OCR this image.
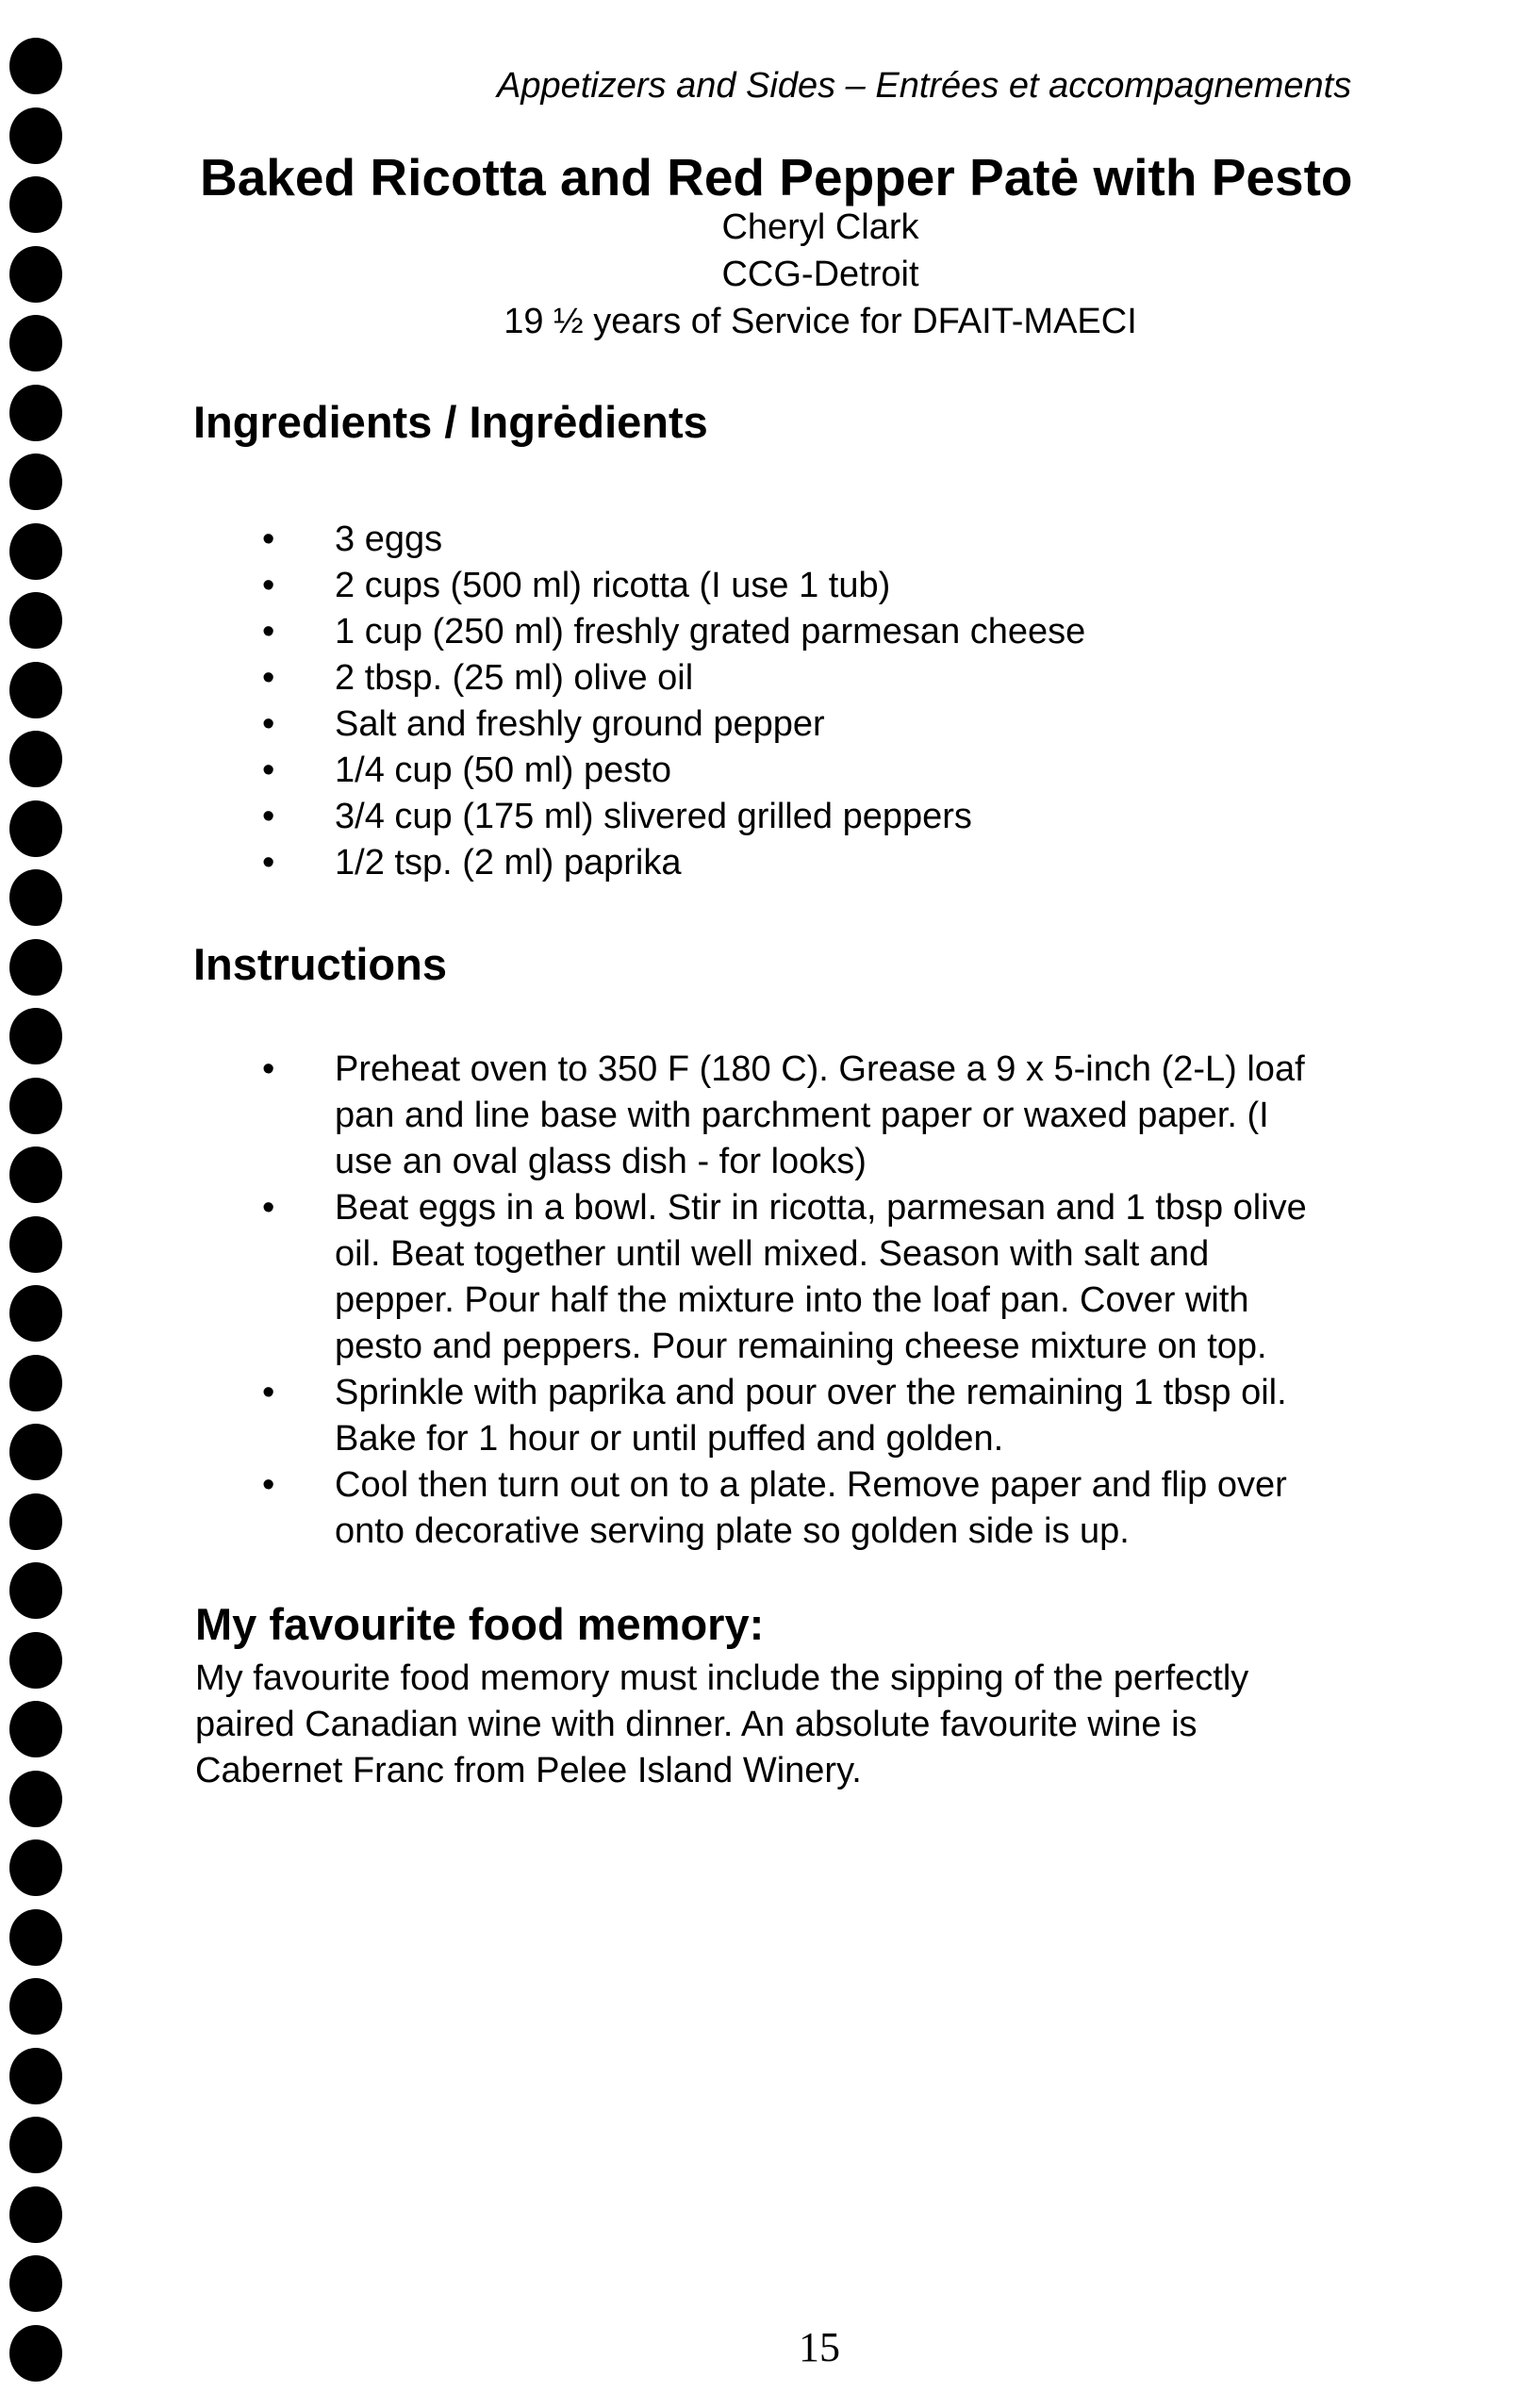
Appetizers and Sides – Entrées et accompagnements
Baked Ricotta and Red Pepper Patė with Pesto
Cheryl Clark
CCG-Detroit
19 ½ years of Service for DFAIT-MAECI
Ingredients / Ingrėdients
• 3 eggs
• 2 cups (500 ml) ricotta (I use 1 tub)
• 1 cup (250 ml) freshly grated parmesan cheese
• 2 tbsp. (25 ml) olive oil
• Salt and freshly ground pepper
• 1/4 cup (50 ml) pesto
• 3/4 cup (175 ml) slivered grilled peppers
• 1/2 tsp. (2 ml) paprika
Instructions
• Preheat oven to 350 F (180 C). Grease a 9 x 5-inch (2-L) loaf
pan and line base with parchment paper or waxed paper. (I
use an oval glass dish - for looks)
• Beat eggs in a bowl. Stir in ricotta, parmesan and 1 tbsp olive
oil. Beat together until well mixed. Season with salt and
pepper. Pour half the mixture into the loaf pan. Cover with
pesto and peppers. Pour remaining cheese mixture on top.
• Sprinkle with paprika and pour over the remaining 1 tbsp oil.
Bake for 1 hour or until puffed and golden.
• Cool then turn out on to a plate. Remove paper and flip over
onto decorative serving plate so golden side is up.
My favourite food memory:
My favourite food memory must include the sipping of the perfectly
paired Canadian wine with dinner. An absolute favourite wine is
Cabernet Franc from Pelee Island Winery.
15
